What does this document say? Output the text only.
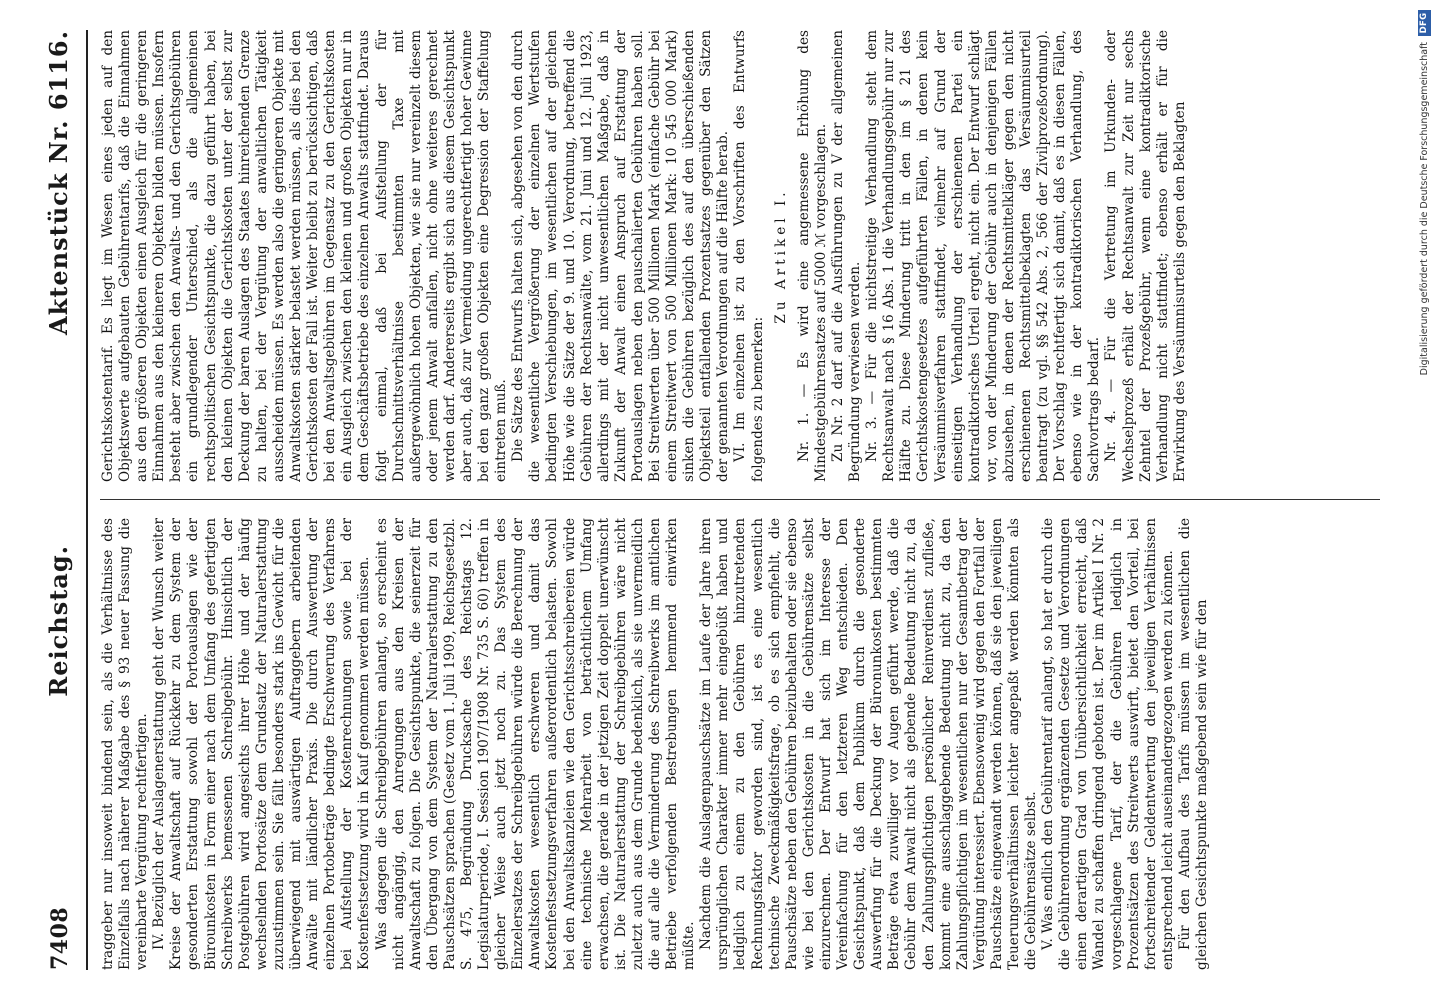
7408
Reichstag.
Aktenstück Nr. 6116.

traggeber nur insoweit bindend sein, als die Verhältnisse des Einzelfalls nach näherer Maßgabe des § 93 neuer Fassung die vereinbarte Vergütung rechtfertigen. IV. Bezüglich der Auslagenerstattung geht der Wunsch weiter Kreise der Anwaltschaft auf Rückkehr zu dem System der gesonderten Erstattung sowohl der Portoauslagen wie der Bürounkosten in Form einer nach dem Umfang des gefertigten Schreibwerks bemessenen Schreibgebühr. Hinsichtlich der Postgebühren wird angesichts ihrer Höhe und der häufig wechselnden Portosätze dem Grundsatz der Naturalerstattung zuzustimmen sein. Sie fällt besonders stark ins Gewicht für die überwiegend mit auswärtigen Auftraggebern arbeitenden Anwälte mit ländlicher Praxis. Die durch Auswertung der einzelnen Portobeträge bedingte Erschwerung des Verfahrens bei Aufstellung der Kostenrechnungen sowie bei der Kostenfestsetzung wird in Kauf genommen werden müssen. Was dagegen die Schreibgebühren anlangt, so erscheint es nicht angängig, den Anregungen aus den Kreisen der Anwaltschaft zu folgen. Die Gesichtspunkte, die seinerzeit für den Übergang von dem System der Naturalerstattung zu den Pauschsätzen sprachen (Gesetz vom 1. Juli 1909, Reichsgesetzbl. S. 475, Begründung Drucksache des Reichstags 12. Legislaturperiode, I. Session 1907/1908 Nr. 735 S. 60) treffen in gleicher Weise auch jetzt noch zu. Das System des Einzelersatzes der Schreibgebühren würde die Berechnung der Anwaltskosten wesentlich erschweren und damit das Kostenfestsetzungsverfahren außerordentlich belasten. Sowohl bei den Anwaltskanzleien wie den Gerichtsschreibereien würde eine technische Mehrarbeit von beträchtlichem Umfang erwachsen, die gerade in der jetzigen Zeit doppelt unerwünscht ist. Die Naturalerstattung der Schreibgebühren wäre nicht zuletzt auch aus dem Grunde bedenklich, als sie unvermeidlich die auf alle die Verminderung des Schreibwerks im amtlichen Betriebe verfolgenden Bestrebungen hemmend einwirken müßte. Nachdem die Auslagenpauschsätze im Laufe der Jahre ihren ursprünglichen Charakter immer mehr eingebüßt haben und lediglich zu einem zu den Gebühren hinzutretenden Rechnungsfaktor geworden sind, ist es eine wesentlich technische Zweckmäßigkeitsfrage, ob es sich empfiehlt, die Pauschsätze neben den Gebühren beizubehalten oder sie ebenso wie bei den Gerichtskosten in die Gebührensätze selbst einzurechnen. Der Entwurf hat sich im Interesse der Vereinfachung für den letzteren Weg entschieden. Den Gesichtspunkt, daß dem Publikum durch die gesonderte Auswerfung für die Deckung der Büronunkosten bestimmten Beträge etwa zuwilliger vor Augen geführt werde, daß die Gebühr dem Anwalt nicht als gebende Bedeutung nicht zu, da den Zahlungspflichtigen persönlicher Reinverdienst zufließe, kommt eine ausschlaggebende Bedeutung nicht zu, da den Zahlungspflichtigen im wesentlichen nur der Gesamtbetrag der Vergütung interessiert. Ebensowenig wird gegen den Fortfall der Pauschsätze eingewandt werden können, daß sie den jeweiligen Teuerungsverhältnissen leichter angepaßt werden könnten als die Gebührensätze selbst. V. Was endlich den Gebührentarif anlangt, so hat er durch die die Gebührenordnung ergänzenden Gesetze und Verordnungen einen derartigen Grad von Unübersichtlichkeit erreicht, daß Wandel zu schaffen dringend geboten ist. Der im Artikel I Nr. 2 vorgeschlagene Tarif, der die Gebühren lediglich in Prozentsätzen des Streitwerts auswirft, bietet den Vorteil, bei fortschreitender Geldentwertung den jeweiligen Verhältnissen entsprechend leicht auseinandergezogen werden zu können. Für den Aufbau des Tarifs müssen im wesentlichen die gleichen Gesichtspunkte maßgebend sein wie für den

Gerichtskostentarif. Es liegt im Wesen eines jeden auf den Objektswerte aufgebauten Gebührentarifs, daß die Einnahmen aus den größeren Objekten einen Ausgleich für die geringeren Einnahmen aus den kleineren Objekten bilden müssen. Insofern besteht aber zwischen den Anwalts- und den Gerichtsgebühren ein grundlegender Unterschied, als die allgemeinen rechtspolitischen Gesichtspunkte, die dazu geführt haben, bei den kleinen Objekten die Gerichtskosten unter der selbst zur Deckung der baren Auslagen des Staates hinreichenden Grenze zu halten, bei der Vergütung der anwaltlichen Tätigkeit ausscheiden müssen. Es werden also die geringeren Objekte mit Anwaltskosten stärker belastet werden müssen, als dies bei den Gerichtskosten der Fall ist. Weiter bleibt zu berücksichtigen, daß bei den Anwaltsgebühren im Gegensatz zu den Gerichtskosten ein Ausgleich zwischen den kleinen und großen Objekten nur in dem Geschäftsbetriebe des einzelnen Anwalts stattfindet. Daraus folgt einmal, daß bei Aufstellung der für Durchschnittsverhältnisse bestimmten Taxe mit außergewöhnlich hohen Objekten, wie sie nur vereinzelt diesem oder jenem Anwalt anfallen, nicht ohne weiteres gerechnet werden darf. Andererseits ergibt sich aus diesem Gesichtspunkt aber auch, daß zur Vermeidung ungerechtfertigt hoher Gewinne bei den ganz großen Objekten eine Degression der Staffelung eintreten muß. Die Sätze des Entwurfs halten sich, abgesehen von den durch die wesentliche Vergrößerung der einzelnen Wertstufen bedingten Verschiebungen, im wesentlichen auf der gleichen Höhe wie die Sätze der 9. und 10. Verordnung, betreffend die Gebühren der Rechtsanwälte, vom 21. Juni und 12. Juli 1923, allerdings mit der nicht unwesentlichen Maßgabe, daß in Zukunft der Anwalt einen Anspruch auf Erstattung der Portoauslagen neben den pauschalierten Gebühren haben soll. Bei Streitwerten über 500 Millionen Mark (einfache Gebühr bei einem Streitwert von 500 Millionen Mark: 10 545 000 Mark) sinken die Gebühren bezüglich des auf den überschießenden Objektsteil entfallenden Prozentsatzes gegenüber den Sätzen der genannten Verordnungen auf die Hälfte herab. VI. Im einzelnen ist zu den Vorschriften des Entwurfs folgendes zu bemerken:

Zu Artikel I. Nr. 1. — Es wird eine angemessene Erhöhung des Mindestgebührensatzes auf 5000 ℳ vorgeschlagen. Zu Nr. 2 darf auf die Ausführungen zu V der allgemeinen Begründung verwiesen werden. Nr. 3. — Für die nichtstreitige Verhandlung steht dem Rechtsanwalt nach § 16 Abs. 1 die Verhandlungsgebühr nur zur Hälfte zu. Diese Minderung tritt in den im § 21 des Gerichtskostengesetzes aufgeführten Fällen, in denen kein Versäumnisverfahren stattfindet, vielmehr auf Grund der einseitigen Verhandlung der erschienenen Partei ein kontradiktorisches Urteil ergeht, nicht ein. Der Entwurf schlägt vor, von der Minderung der Gebühr auch in denjenigen Fällen abzusehen, in denen der Rechtsmittelkläger gegen den nicht erschienenen Rechtsmittelbeklagten das Versäumnisurteil beantragt (zu vgl. §§ 542 Abs. 2, 566 der Zivilprozeßordnung). Der Vorschlag rechtfertigt sich damit, daß es in diesen Fällen, ebenso wie in der kontradiktorischen Verhandlung, des Sachvortrags bedarf. Nr. 4. — Für die Vertretung im Urkunden- oder Wechselprozeß erhält der Rechtsanwalt zur Zeit nur sechs Zehntel der Prozeßgebühr, wenn eine kontradiktorische Verhandlung nicht stattfindet; ebenso erhält er für die Erwirkung des Versäumnisurteils gegen den Beklagten	Digitalisierung gefördert durch die Deutsche Forschungsgemeinschaft
DFG
